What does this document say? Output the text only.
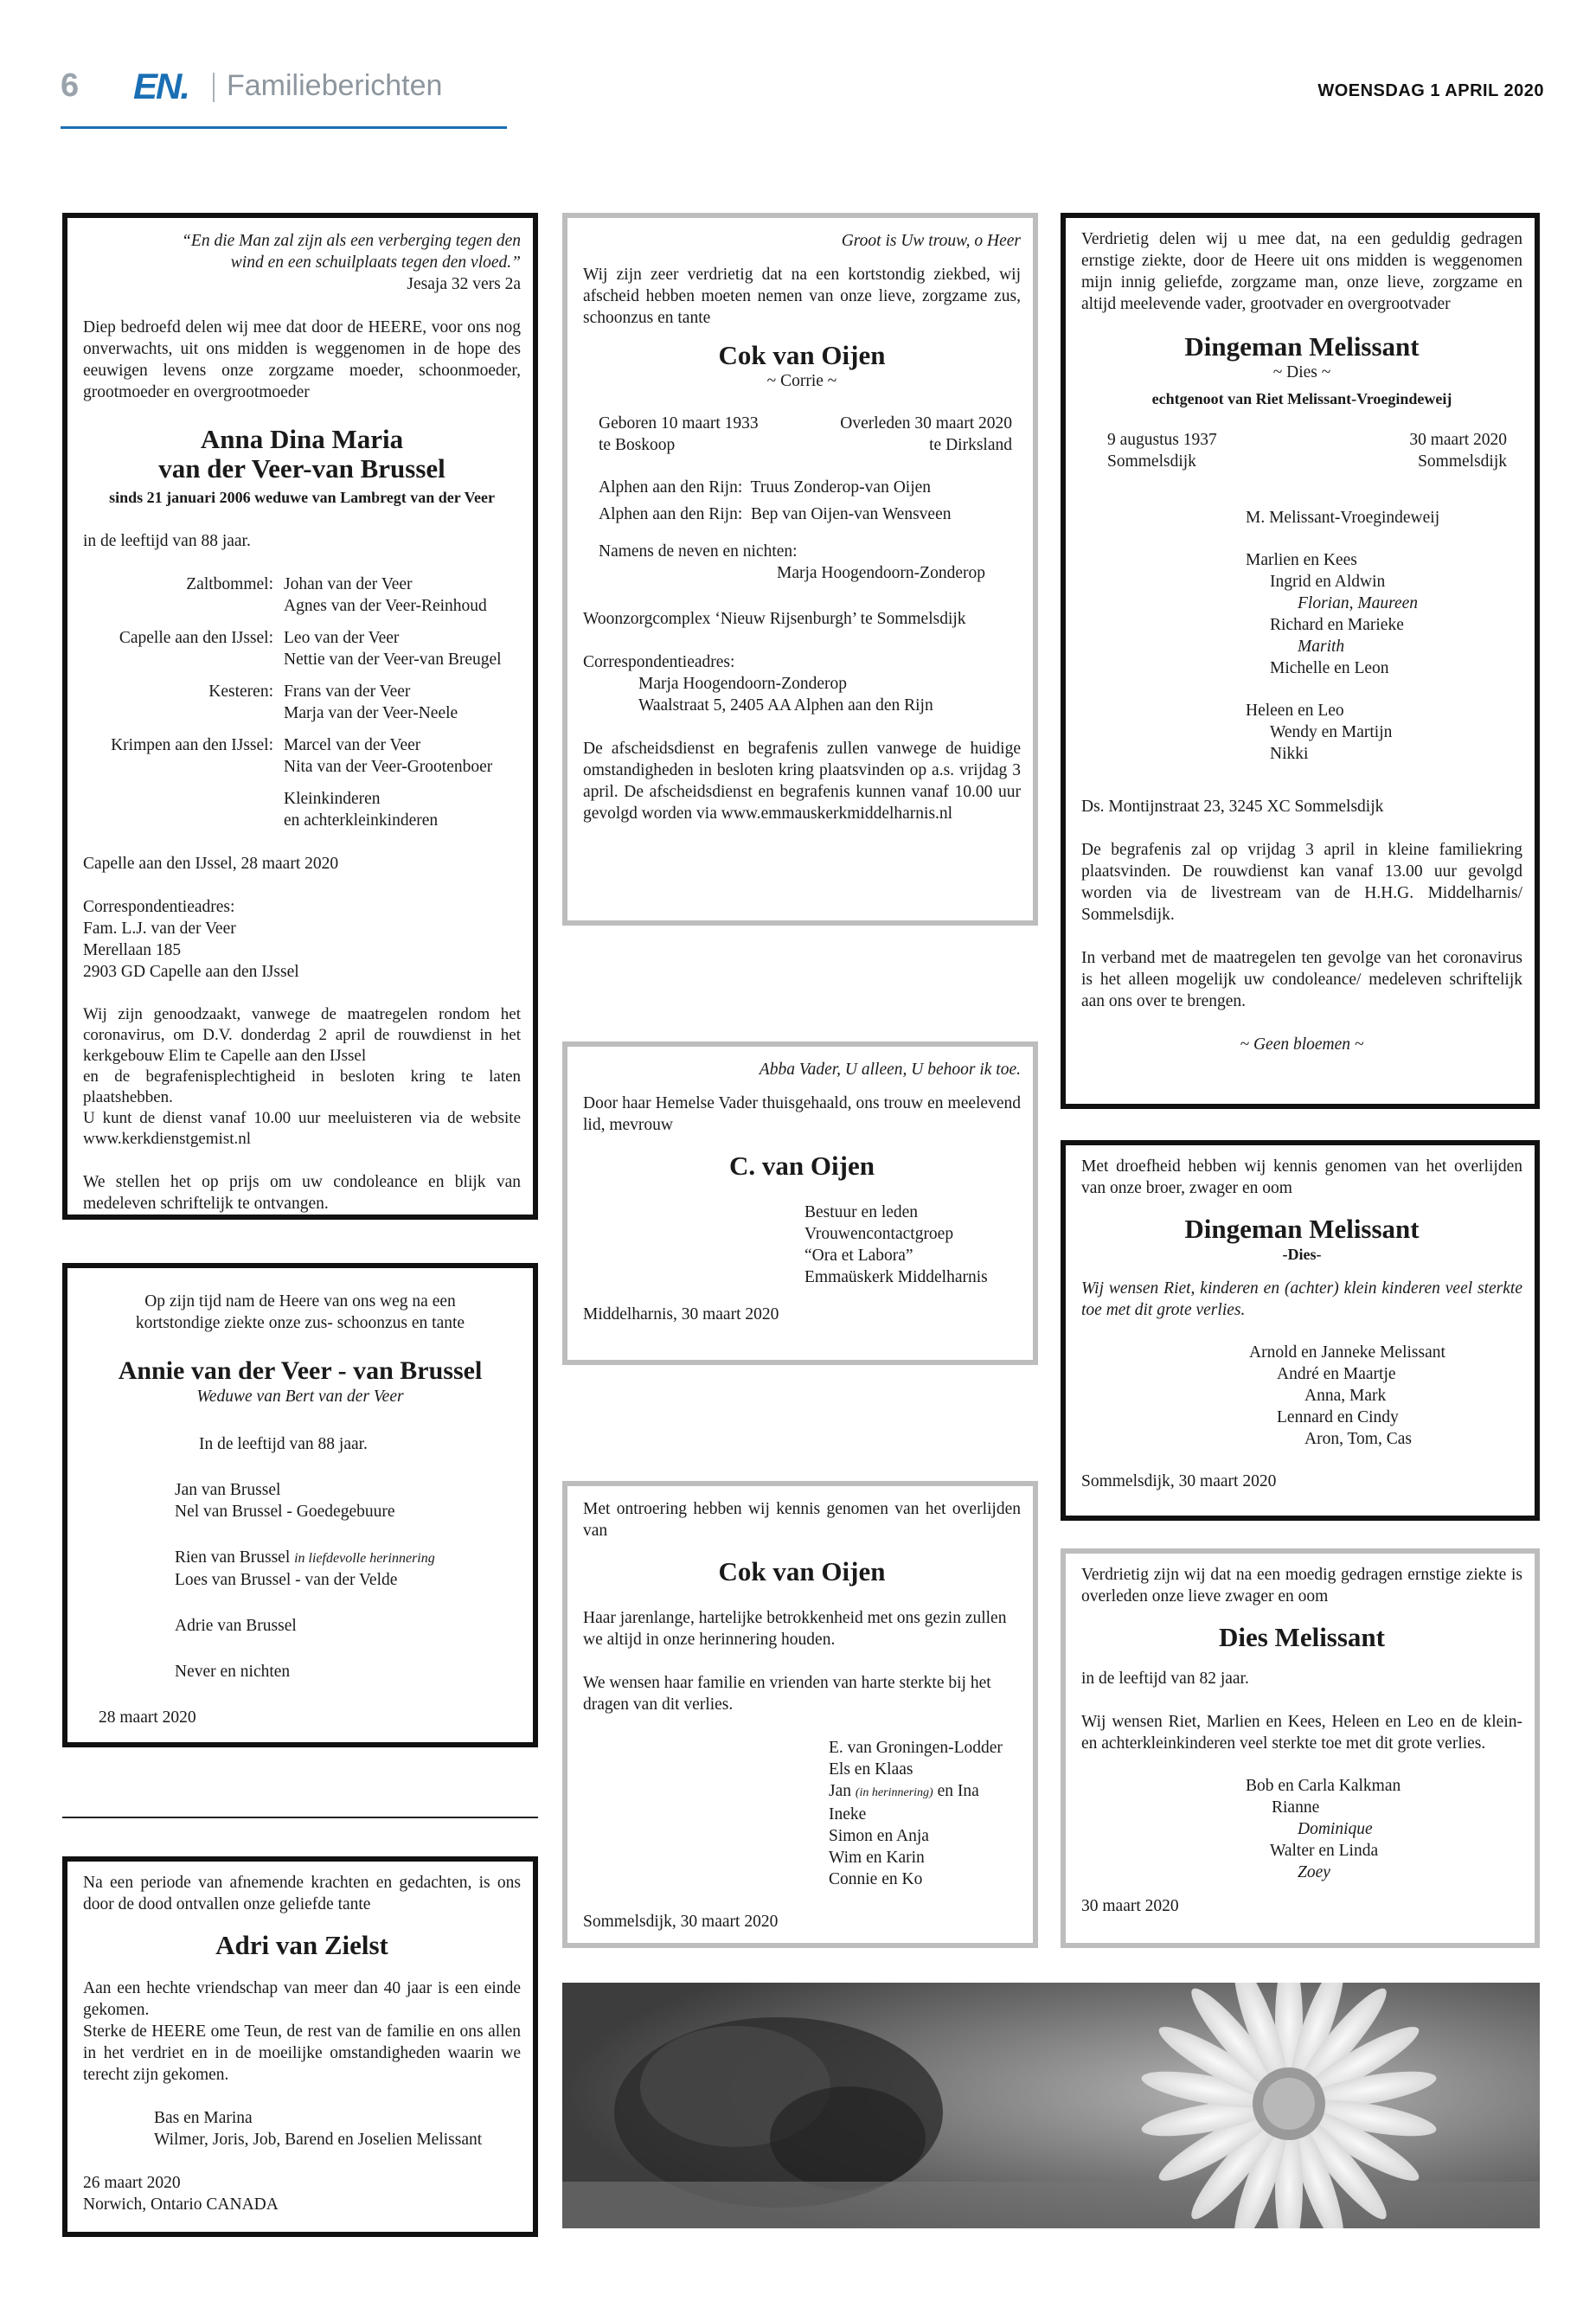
6 EN. Familieberichten	WOENSDAG 1 APRIL 2020
“En die Man zal zijn als een verberging tegen den wind en een schuilplaats tegen den vloed.”
Jesaja 32 vers 2a
Diep bedroefd delen wij mee dat door de HEERE, voor ons nog onverwachts, uit ons midden is weggenomen in de hope des eeuwigen levens onze zorgzame moeder, schoonmoeder, grootmoeder en overgrootmoeder
Anna Dina Maria
van der Veer-van Brussel
sinds 21 januari 2006 weduwe van Lambregt van der Veer
in de leeftijd van 88 jaar.
Zaltbommel: Johan van der Veer
Agnes van der Veer-Reinhoud
Capelle aan den IJssel: Leo van der Veer
Nettie van der Veer-van Breugel
Kesteren: Frans van der Veer
Marja van der Veer-Neele
Krimpen aan den IJssel: Marcel van der Veer
Nita van der Veer-Grootenboer
Kleinkinderen
en achterkleinkinderen
Capelle aan den IJssel, 28 maart 2020
Correspondentieadres:
Fam. L.J. van der Veer
Merellaan 185
2903 GD Capelle aan den IJssel
Wij zijn genoodzaakt, vanwege de maatregelen rondom het coronavirus, om D.V. donderdag 2 april de rouwdienst in het kerkgebouw Elim te Capelle aan den IJssel
en de begrafenisplechtigheid in besloten kring te laten plaatshebben.
U kunt de dienst vanaf 10.00 uur meeluisteren via de website www.kerkdienstgemist.nl
We stellen het op prijs om uw condoleance en blijk van medeleven schriftelijk te ontvangen.
Op zijn tijd nam de Heere van ons weg na een kortstondige ziekte onze zus- schoonzus en tante
Annie van der Veer - van Brussel
Weduwe van Bert van der Veer
In de leeftijd van 88 jaar.
Jan van Brussel
Nel van Brussel - Goedegebuure
Rien van Brussel in liefdevolle herinnering
Loes van Brussel - van der Velde
Adrie van Brussel
Never en nichten
28 maart 2020
Na een periode van afnemende krachten en gedachten, is ons door de dood ontvallen onze geliefde tante
Adri van Zielst
Aan een hechte vriendschap van meer dan 40 jaar is een einde gekomen.
Sterke de HEERE ome Teun, de rest van de familie en ons allen in het verdriet en in de moeilijke omstandigheden waarin we terecht zijn gekomen.
Bas en Marina
Wilmer, Joris, Job, Barend en Joselien Melissant
26 maart 2020
Norwich, Ontario CANADA
Groot is Uw trouw, o Heer
Wij zijn zeer verdrietig dat na een kortstondig ziekbed, wij afscheid hebben moeten nemen van onze lieve, zorgzame zus, schoonzus en tante
Cok van Oijen
~ Corrie ~
Geboren 10 maart 1933
te Boskoop
Overleden 30 maart 2020
te Dirksland
Alphen aan den Rijn: Truus Zonderop-van Oijen
Alphen aan den Rijn: Bep van Oijen-van Wensveen
Namens de neven en nichten:
Marja Hoogendoorn-Zonderop
Woonzorgcomplex ‘Nieuw Rijsenburgh’ te Sommelsdijk
Correspondentieadres:
Marja Hoogendoorn-Zonderop
Waalstraat 5, 2405 AA Alphen aan den Rijn
De afscheidsdienst en begrafenis zullen vanwege de huidige omstandigheden in besloten kring plaatsvinden op a.s. vrijdag 3 april. De afscheidsdienst en begrafenis kunnen vanaf 10.00 uur gevolgd worden via www.emmauskerkmiddelharnis.nl
Abba Vader, U alleen, U behoor ik toe.
Door haar Hemelse Vader thuisgehaald, ons trouw en meelevend lid, mevrouw
C. van Oijen
Bestuur en leden
Vrouwencontactgroep
“Ora et Labora”
Emmaüskerk Middelharnis
Middelharnis, 30 maart 2020
Met ontroering hebben wij kennis genomen van het overlijden van
Cok van Oijen
Haar jarenlange, hartelijke betrokkenheid met ons gezin zullen we altijd in onze herinnering houden.
We wensen haar familie en vrienden van harte sterkte bij het dragen van dit verlies.
E. van Groningen-Lodder
Els en Klaas
Jan (in herinnering) en Ina
Ineke
Simon en Anja
Wim en Karin
Connie en Ko
Sommelsdijk, 30 maart 2020
Verdrietig delen wij u mee dat, na een geduldig gedragen ernstige ziekte, door de Heere uit ons midden is weggenomen mijn innig geliefde, zorgzame man, onze lieve, zorgzame en altijd meelevende vader, grootvader en overgrootvader
Dingeman Melissant
~ Dies ~
echtgenoot van Riet Melissant-Vroegindeweij
9 augustus 1937
Sommelsdijk
30 maart 2020
Sommelsdijk
M. Melissant-Vroegindeweij
Marlien en Kees
Ingrid en Aldwin
Florian, Maureen
Richard en Marieke
Marith
Michelle en Leon
Heleen en Leo
Wendy en Martijn
Nikki
Ds. Montijnstraat 23, 3245 XC Sommelsdijk
De begrafenis zal op vrijdag 3 april in kleine familiekring plaatsvinden. De rouwdienst kan vanaf 13.00 uur gevolgd worden via de livestream van de H.H.G. Middelharnis/ Sommelsdijk.
In verband met de maatregelen ten gevolge van het coronavirus is het alleen mogelijk uw condoleance/ medeleven schriftelijk aan ons over te brengen.
~ Geen bloemen ~
Met droefheid hebben wij kennis genomen van het overlijden van onze broer, zwager en oom
Dingeman Melissant
-Dies-
Wij wensen Riet, kinderen en (achter) klein kinderen veel sterkte toe met dit grote verlies.
Arnold en Janneke Melissant
André en Maartje
Anna, Mark
Lennard en Cindy
Aron, Tom, Cas
Sommelsdijk, 30 maart 2020
Verdrietig zijn wij dat na een moedig gedragen ernstige ziekte is overleden onze lieve zwager en oom
Dies Melissant
in de leeftijd van 82 jaar.
Wij wensen Riet, Marlien en Kees, Heleen en Leo en de klein- en achterkleinkinderen veel sterkte toe met dit grote verlies.
Bob en Carla Kalkman
Rianne
Dominique
Walter en Linda
Zoey
30 maart 2020
